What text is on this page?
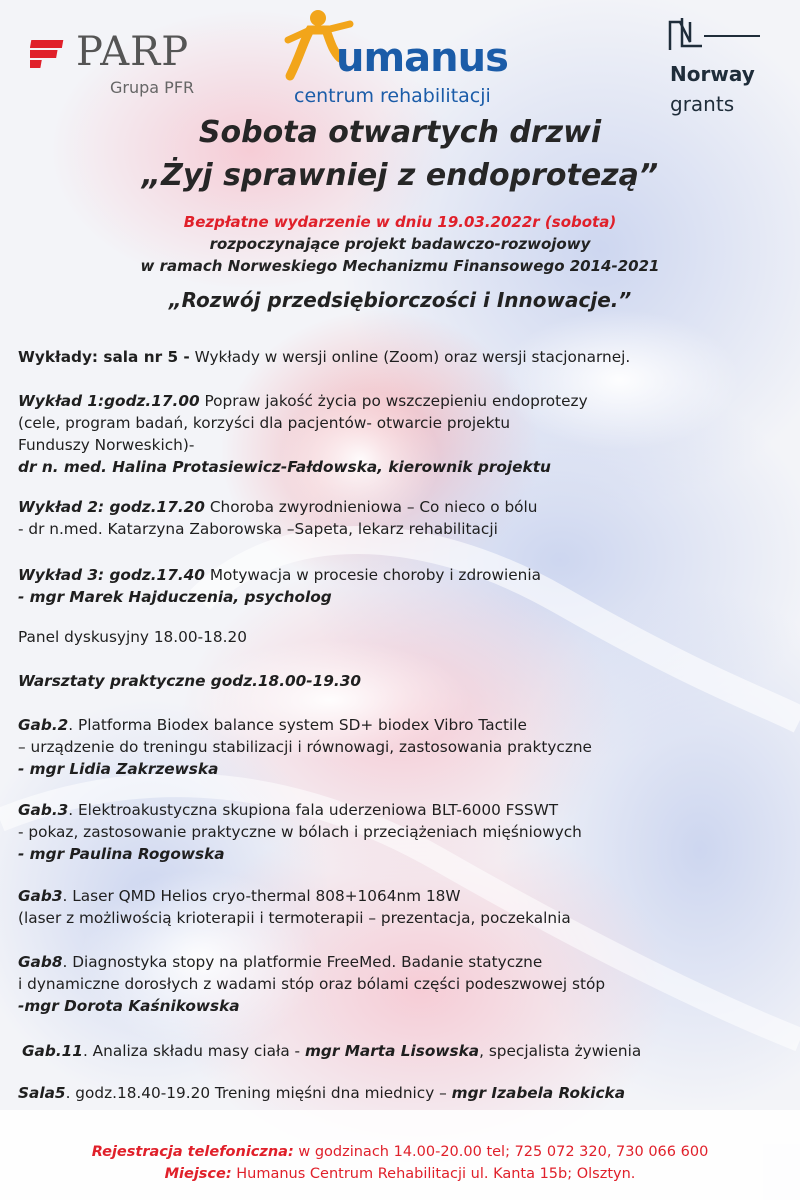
PARP
Grupa PFR
umanus
centrum rehabilitacji
Norway
grants
Sobota otwartych drzwi
„Żyj sprawniej z endoprotezą”
Bezpłatne wydarzenie w dniu 19.03.2022r (sobota)
rozpoczynające projekt badawczo-rozwojowy
w ramach Norweskiego Mechanizmu Finansowego 2014-2021
„Rozwój przedsiębiorczości i Innowacje.”
Wykłady: sala nr 5 - Wykłady w wersji online (Zoom) oraz wersji stacjonarnej.
Wykład 1:godz.17.00 Popraw jakość życia po wszczepieniu endoprotezy
(cele, program badań, korzyści dla pacjentów- otwarcie projektu
Funduszy Norweskich)-
dr n. med. Halina Protasiewicz-Fałdowska, kierownik projektu
Wykład 2: godz.17.20 Choroba zwyrodnieniowa – Co nieco o bólu
- dr n.med. Katarzyna Zaborowska –Sapeta, lekarz rehabilitacji
Wykład 3: godz.17.40 Motywacja w procesie choroby i zdrowienia
- mgr Marek Hajduczenia, psycholog
Panel dyskusyjny 18.00-18.20
Warsztaty praktyczne godz.18.00-19.30
Gab.2. Platforma Biodex balance system SD+ biodex Vibro Tactile
– urządzenie do treningu stabilizacji i równowagi, zastosowania praktyczne
- mgr Lidia Zakrzewska
Gab.3. Elektroakustyczna skupiona fala uderzeniowa BLT-6000 FSSWT
- pokaz, zastosowanie praktyczne w bólach i przeciążeniach mięśniowych
- mgr Paulina Rogowska
Gab3. Laser QMD Helios cryo-thermal 808+1064nm 18W
(laser z możliwością krioterapii i termoterapii – prezentacja, poczekalnia
Gab8. Diagnostyka stopy na platformie FreeMed. Badanie statyczne
i dynamiczne dorosłych z wadami stóp oraz bólami części podeszwowej stóp
-mgr Dorota Kaśnikowska
Gab.11. Analiza składu masy ciała - mgr Marta Lisowska, specjalista żywienia
Sala5. godz.18.40-19.20 Trening mięśni dna miednicy – mgr Izabela Rokicka
Rejestracja telefoniczna: w godzinach 14.00-20.00 tel; 725 072 320, 730 066 600
Miejsce: Humanus Centrum Rehabilitacji ul. Kanta 15b; Olsztyn.
